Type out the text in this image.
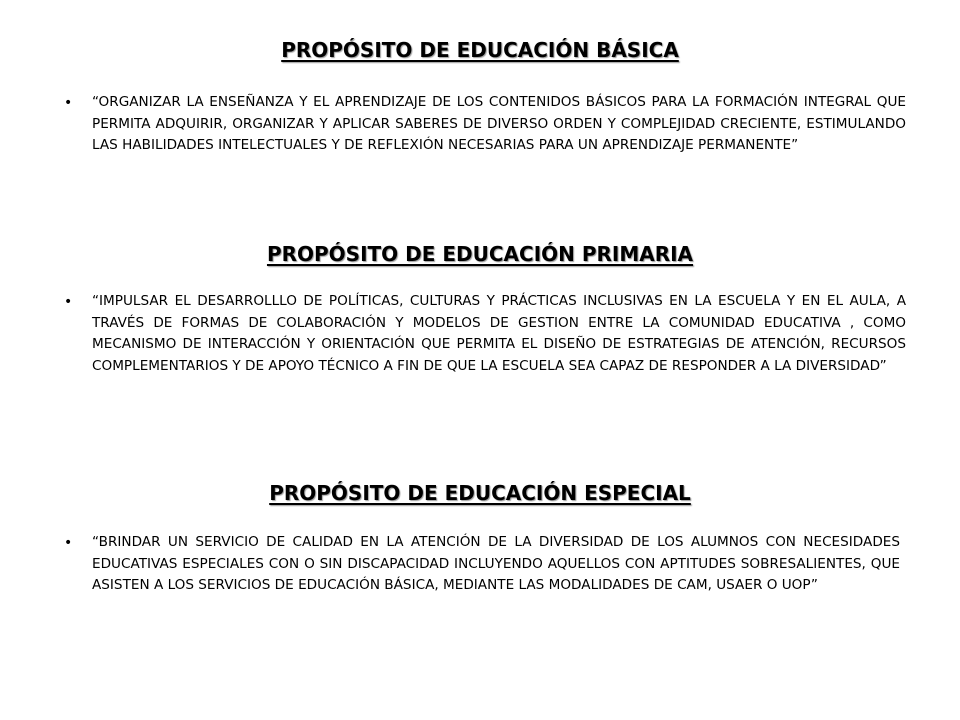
PROPÓSITO DE EDUCACIÓN BÁSICA
•	“ORGANIZAR LA ENSEÑANZA Y EL APRENDIZAJE DE LOS CONTENIDOS BÁSICOS PARA LA FORMACIÓN INTEGRAL QUE PERMITA ADQUIRIR, ORGANIZAR Y APLICAR SABERES DE DIVERSO ORDEN Y COMPLEJIDAD CRECIENTE, ESTIMULANDO LAS HABILIDADES INTELECTUALES Y DE REFLEXIÓN NECESARIAS PARA UN APRENDIZAJE PERMANENTE”
PROPÓSITO DE EDUCACIÓN PRIMARIA
•	“IMPULSAR EL DESARROLLLO DE POLÍTICAS, CULTURAS Y PRÁCTICAS INCLUSIVAS EN LA ESCUELA Y EN EL AULA, A TRAVÉS DE FORMAS DE COLABORACIÓN Y MODELOS DE GESTION ENTRE LA COMUNIDAD EDUCATIVA , COMO MECANISMO DE INTERACCIÓN Y ORIENTACIÓN QUE PERMITA EL DISEÑO DE ESTRATEGIAS DE ATENCIÓN, RECURSOS COMPLEMENTARIOS Y DE APOYO TÉCNICO A FIN DE QUE LA ESCUELA SEA CAPAZ DE RESPONDER A LA DIVERSIDAD”
PROPÓSITO DE EDUCACIÓN ESPECIAL
•	“BRINDAR UN SERVICIO DE CALIDAD EN LA ATENCIÓN DE LA DIVERSIDAD DE LOS ALUMNOS CON NECESIDADES EDUCATIVAS ESPECIALES CON O SIN DISCAPACIDAD INCLUYENDO AQUELLOS CON APTITUDES SOBRESALIENTES, QUE ASISTEN A LOS SERVICIOS DE EDUCACIÓN BÁSICA, MEDIANTE LAS MODALIDADES DE CAM, USAER O UOP”
